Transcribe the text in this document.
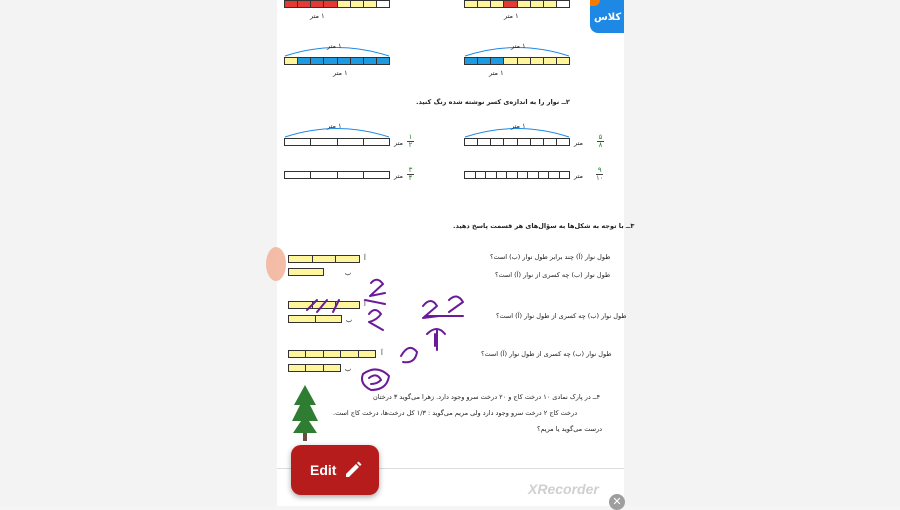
۱ متر	۱ متر
۱ متر
۱ متر
۱ متر
۱ متر
۲ــ نوار را به اندازه‌ی کسر نوشته شده رنگ کنید.
۱ متر
متر
۱
۲
۱ متر
متر
۵
۸
متر
۳
۴	متر
۹
۱۰
۳ــ با توجه به شکل‌ها به سؤال‌های هر قسمت پاسخ دهید.
آ
ب
طول نوار (آ) چند برابر طول نوار (ب) است؟
طول نوار (ب) چه کسری از نوار (آ) است؟
آ
ب	طول نوار (ب) چه کسری از طول نوار (آ) است؟
آ
ب
طول نوار (ب) چه کسری از طول نوار (آ) است؟
۴ــ در پارک نمادی ۱۰ درخت کاج و ۲۰ درخت سرو وجود دارد. زهرا می‌گوید ۳ درختان
درخت کاج ۲ درخت سرو وجود دارد ولی مریم می‌گوید : ۱/۳ کل درخت‌ها، درخت کاج است.
درست می‌گوید یا مریم؟
کلاس
Edit
XRecorder
✕
